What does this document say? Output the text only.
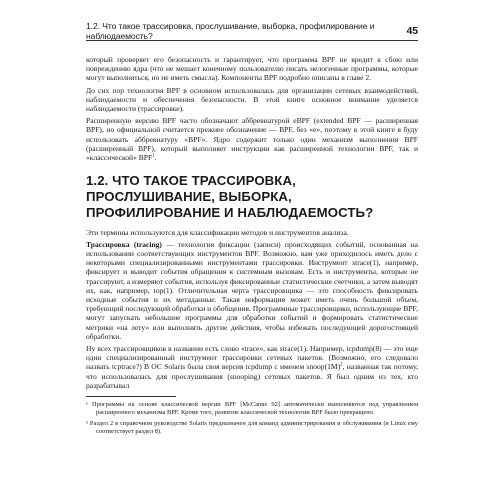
1.2. Что такое трассировка, прослушивание, выборка, профилирование и наблюдаемость?	45

который проверяет его безопасность и гарантирует, что программа BPF не вредит к сбою или повреждению ядра (что не мешает конечному пользователю писать нелогичные программы, которые могут выполняться, но не иметь смысла). Компоненты BPF подробно описаны в главе 2.

До сих пор технология BPF в основном использовалась для организации сетевых взаимодействий, наблюдаемости и обеспечения безопасности. В этой книге основное внимание уделяется наблюдаемости (трассировке).

Расширенную версию BPF часто обозначают аббревиатурой eBPF (extended BPF — расширенная BPF), но официальной считается прежнее обозначение — BPF, без «e», поэтому в этой книге я буду использовать аббревиатуру «BPF». Ядро содержит только один механизм выполнения BPF (расширенный BPF), который выполняет инструкции как расширенной технологии BPF, так и «классической» BPF$^1$.

1.2. ЧТО ТАКОЕ ТРАССИРОВКА, ПРОСЛУШИВАНИЕ, ВЫБОРКА, ПРОФИЛИРОВАНИЕ И НАБЛЮДАЕМОСТЬ?

Эти термины используются для классификации методов и инструментов анализа.

Трассировка (tracing) — технология фиксации (записи) происходящих событий, основанная на использовании соответствующих инструментов BPF. Возможно, вам уже приходилось иметь дело с некоторыми специализированными инструментами трассировки. Инструмент strace(1), например, фиксирует и выводит события обращения к системным вызовам. Есть и инструменты, которые не трассируют, а измеряют события, используя фиксированные статистические счетчики, а затем выводят их, как, например, top(1). Отличительная черта трассировщика — это способность фиксировать исходные события и их метаданные. Такая информация может иметь очень большой объем, требующий последующей обработки и обобщения. Программные трассировщики, использующие BPF, могут запускать небольшие программы для обработки событий и формировать статистические метрики «на лету» или выполнять другие действия, чтобы избежать последующей дорогостоящей обработки.

Ну всех трассировщиков в названии есть слово «trace», как strace(1). Например, tcpdump(8) — это еще один специализированный инструмент трассировки сетевых пакетов. (Возможно, его следовало назвать tcptrace?) В ОС Solaris была своя версия tcpdump с именем $snoop(1M)^2$, названная так потому, что использовалась для прослушивания (snooping) сетевых пакетов. Я был одним из тех, кто разрабатывал

¹ Программы на основе классической версии BPF [McCanne 92] автоматически выполняются под управлением расширенного механизма BPF. Кроме того, развитие классической технологии BPF было прекращено.

² Раздел 2 в справочном руководстве Solaris предназначен для команд администрирования и обслуживания (в Linux ему соответствует раздел 8).
